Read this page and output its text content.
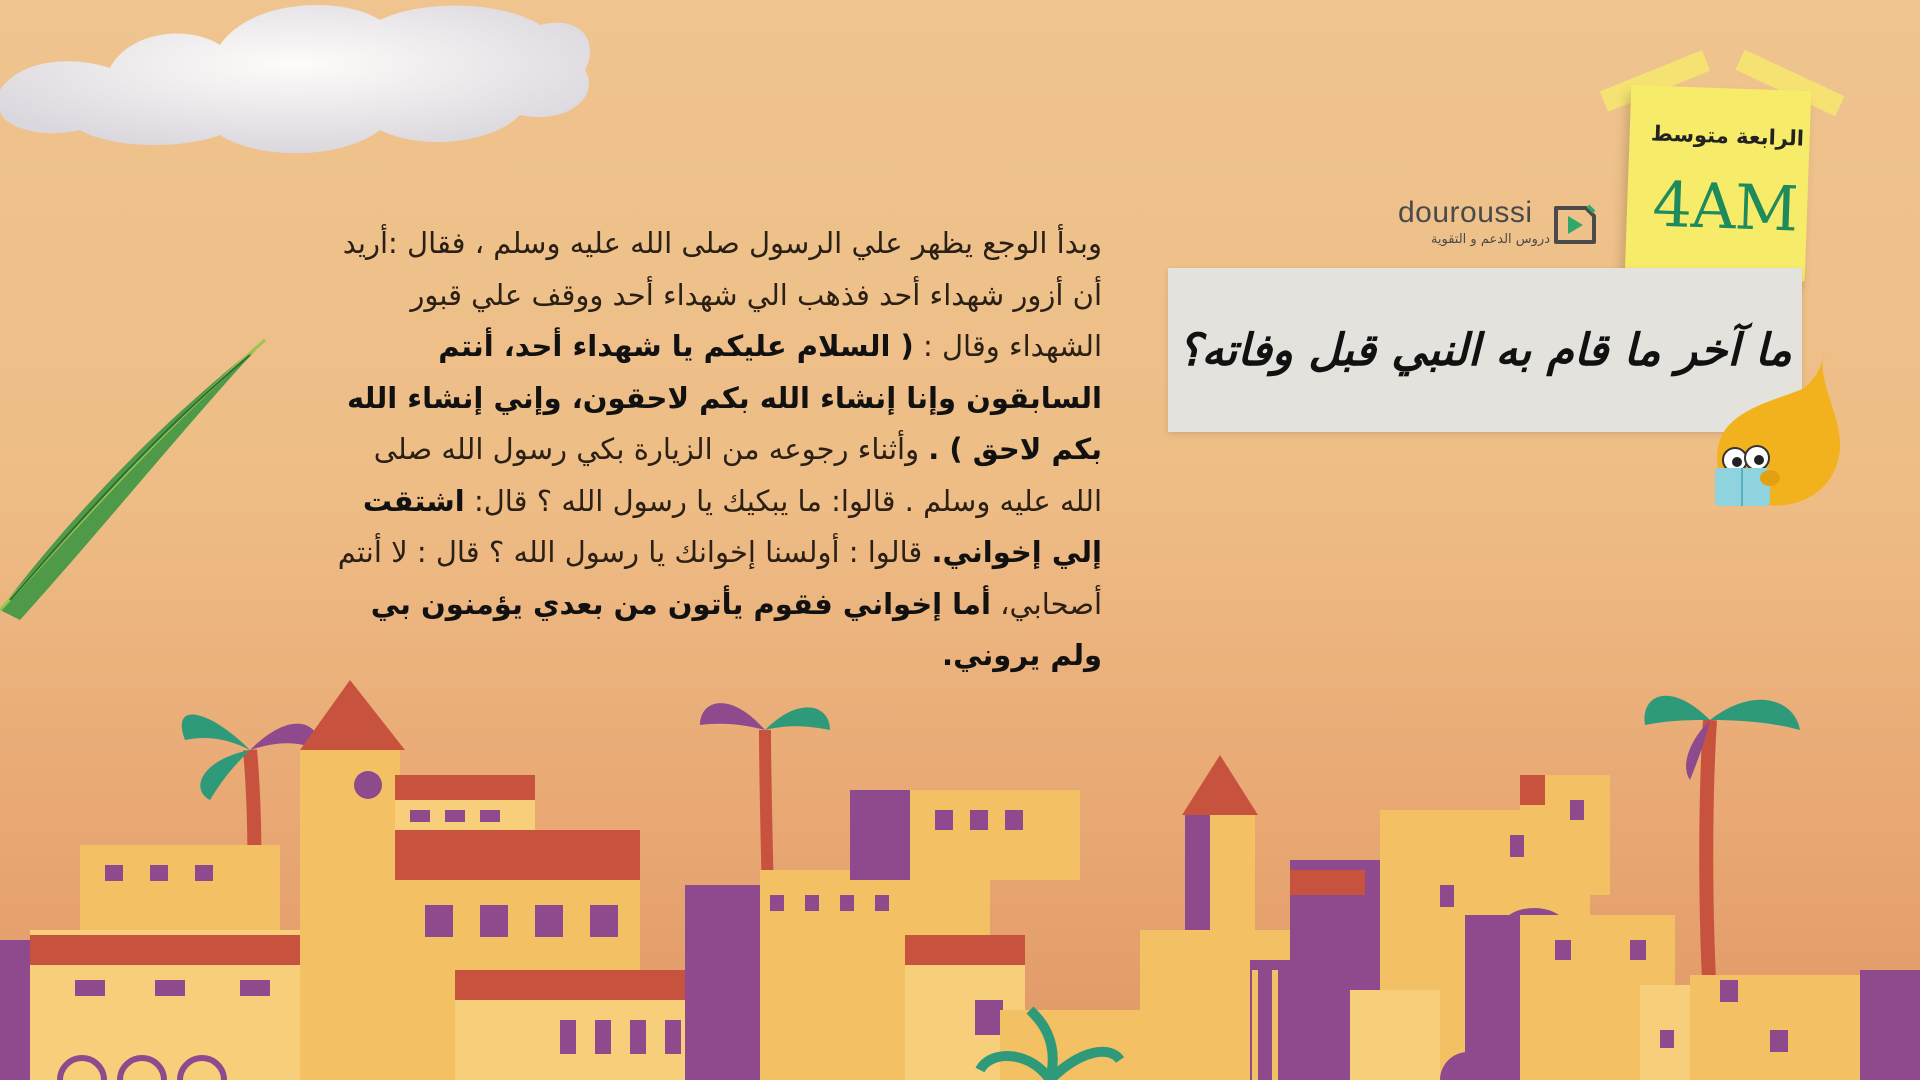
الرابعة متوسط
4AM
douroussi
دروس الدعم و التقوية
ما آخر ما قام به النبي قبل وفاته؟
وبدأ الوجع يظهر علي الرسول صلى الله عليه وسلم ، فقال :أريد أن أزور شهداء أحد فذهب الي شهداء أحد ووقف علي قبور الشهداء وقال : ( السلام عليكم يا شهداء أحد، أنتم السابقون وإنا إنشاء الله بكم لاحقون، وإني إنشاء الله بكم لاحق ) . وأثناء رجوعه من الزيارة بكي رسول الله صلى الله عليه وسلم . قالوا: ما يبكيك يا رسول الله ؟ قال: اشتقت إلي إخواني. قالوا : أولسنا إخوانك يا رسول الله ؟ قال : لا أنتم أصحابي، أما إخواني فقوم يأتون من بعدي يؤمنون بي ولم يروني.
